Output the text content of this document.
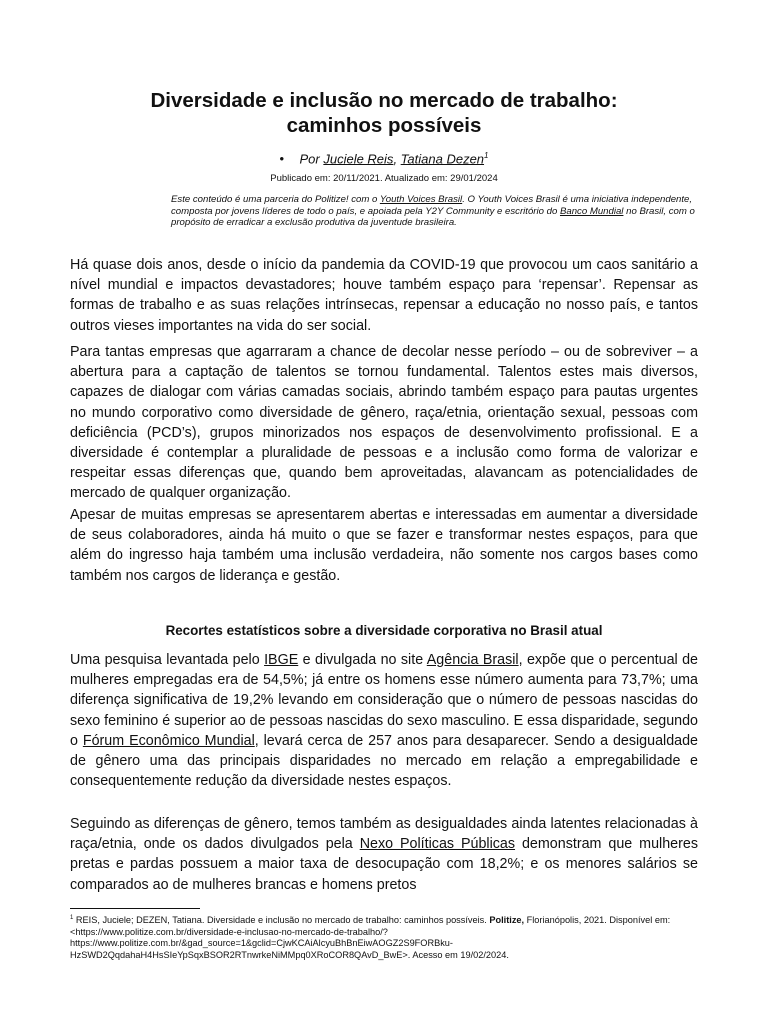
Diversidade e inclusão no mercado de trabalho:
caminhos possíveis
• Por Juciele Reis, Tatiana Dezen$^1$
Publicado em: 20/11/2021. Atualizado em: 29/01/2024

Este conteúdo é uma parceria do Politize! com o Youth Voices Brasil. O Youth Voices Brasil é uma iniciativa independente, composta por jovens líderes de todo o país, e apoiada pela Y2Y Community e escritório do Banco Mundial no Brasil, com o propósito de erradicar a exclusão produtiva da juventude brasileira.

Há quase dois anos, desde o início da pandemia da COVID-19 que provocou um caos sanitário a nível mundial e impactos devastadores; houve também espaço para ‘repensar’. Repensar as formas de trabalho e as suas relações intrínsecas, repensar a educação no nosso país, e tantos outros vieses importantes na vida do ser social.

Para tantas empresas que agarraram a chance de decolar nesse período – ou de sobreviver – a abertura para a captação de talentos se tornou fundamental. Talentos estes mais diversos, capazes de dialogar com várias camadas sociais, abrindo também espaço para pautas urgentes no mundo corporativo como diversidade de gênero, raça/etnia, orientação sexual, pessoas com deficiência (PCD’s), grupos minorizados nos espaços de desenvolvimento profissional. E a diversidade é contemplar a pluralidade de pessoas e a inclusão como forma de valorizar e respeitar essas diferenças que, quando bem aproveitadas, alavancam as potencialidades de mercado de qualquer organização.

Apesar de muitas empresas se apresentarem abertas e interessadas em aumentar a diversidade de seus colaboradores, ainda há muito o que se fazer e transformar nestes espaços, para que além do ingresso haja também uma inclusão verdadeira, não somente nos cargos bases como também nos cargos de liderança e gestão.

Recortes estatísticos sobre a diversidade corporativa no Brasil atual

Uma pesquisa levantada pelo IBGE e divulgada no site Agência Brasil, expõe que o percentual de mulheres empregadas era de 54,5%; já entre os homens esse número aumenta para 73,7%; uma diferença significativa de 19,2% levando em consideração que o número de pessoas nascidas do sexo feminino é superior ao de pessoas nascidas do sexo masculino. E essa disparidade, segundo o Fórum Econômico Mundial, levará cerca de 257 anos para desaparecer. Sendo a desigualdade de gênero uma das principais disparidades no mercado em relação a empregabilidade e consequentemente redução da diversidade nestes espaços.

Seguindo as diferenças de gênero, temos também as desigualdades ainda latentes relacionadas à raça/etnia, onde os dados divulgados pela Nexo Políticas Públicas demonstram que mulheres pretas e pardas possuem a maior taxa de desocupação com 18,2%; e os menores salários se comparados ao de mulheres brancas e homens pretos

$^1$ REIS, Juciele; DEZEN, Tatiana. Diversidade e inclusão no mercado de trabalho: caminhos possíveis. Politize, Florianópolis, 2021. Disponível em: <https://www.politize.com.br/diversidade-e-inclusao-no-mercado-de-trabalho/?https://www.politize.com.br/&gad_source=1&gclid=CjwKCAiAlcyuBhBnEiwAOGZ2S9FORBku-HzSWD2QqdahaH4HsSIeYpSqxBSOR2RTnwrkeNiMMpq0XRoCOR8QAvD_BwE>. Acesso em 19/02/2024.
